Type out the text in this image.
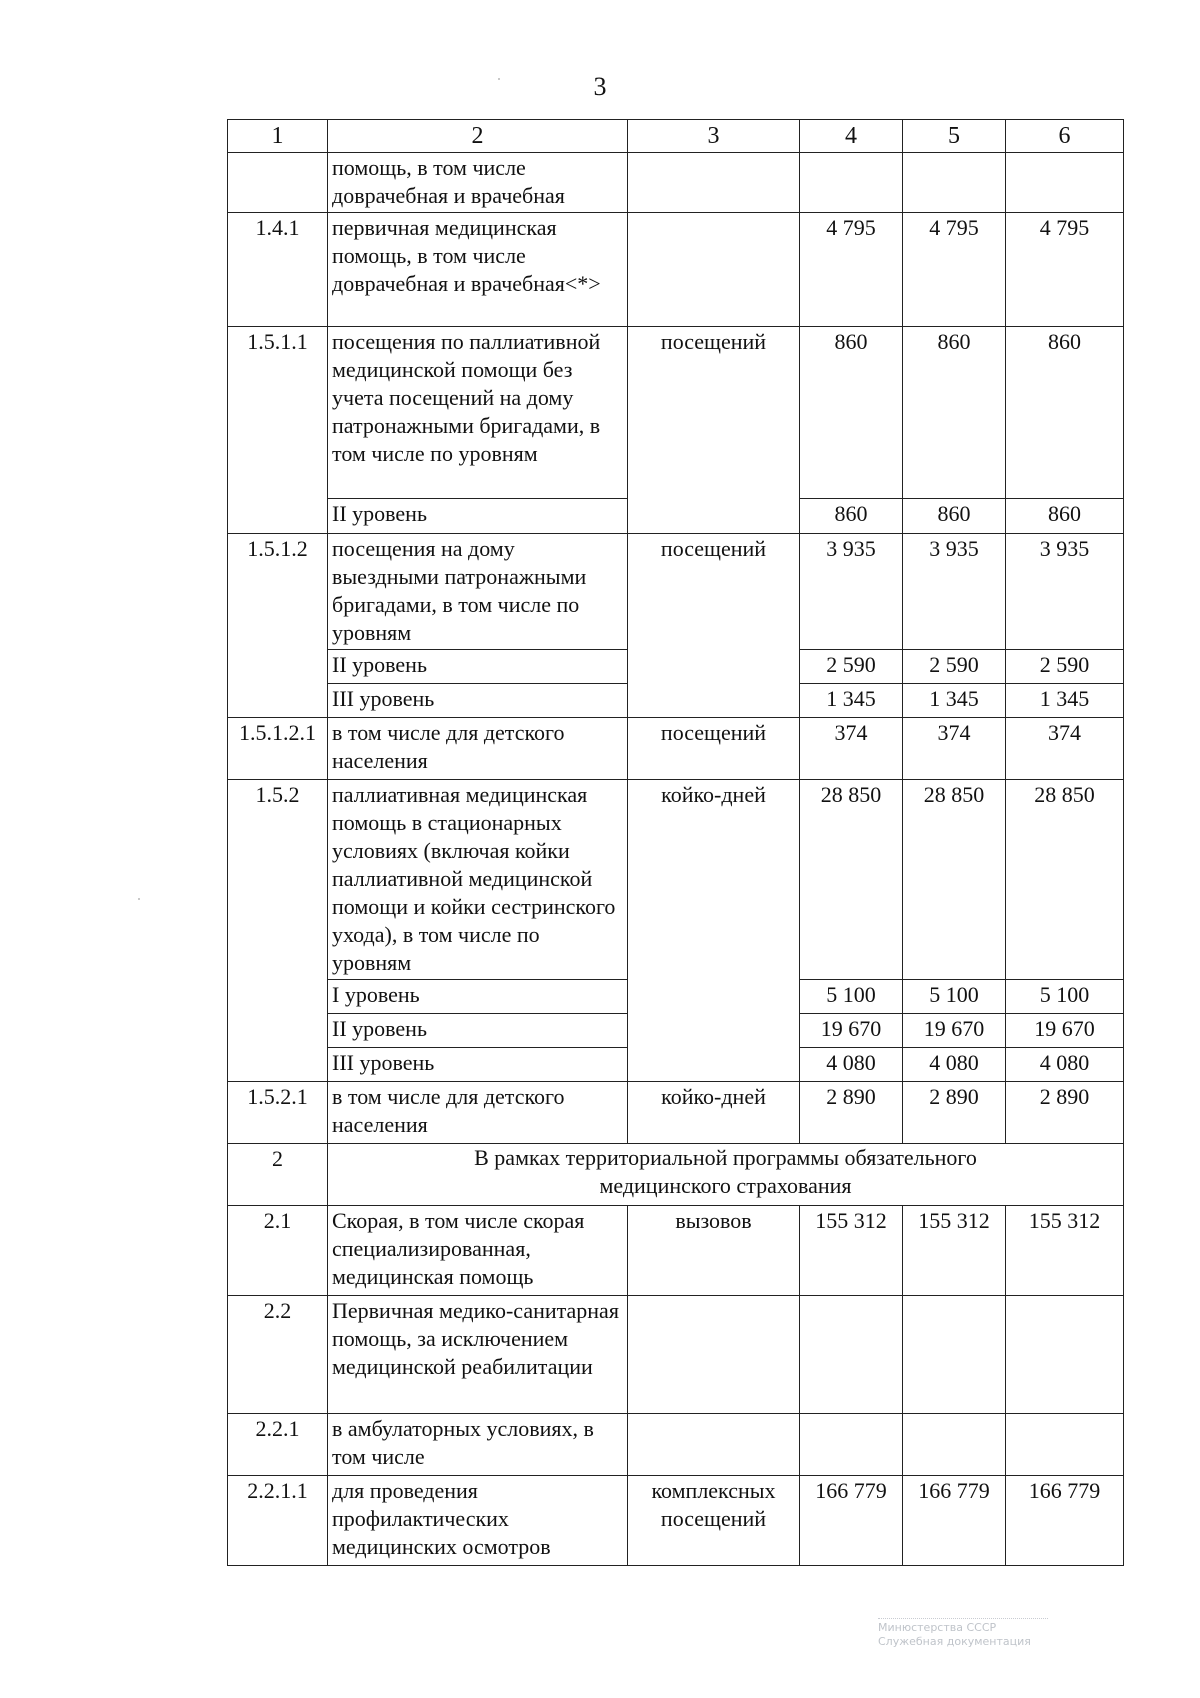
3
1	2	3	4	5	6
	помощь, в том числе доврачебная и врачебная				
1.4.1	первичная медицинская помощь, в том числе доврачебная и врачебная<*>		4 795	4 795	4 795
1.5.1.1	посещения по паллиативной медицинской помощи без учета посещений на дому патронажными бригадами, в том числе по уровням	посещений	860	860	860
	II уровень		860	860	860
1.5.1.2	посещения на дому выездными патронажными бригадами, в том числе по уровням	посещений	3 935	3 935	3 935
	II уровень		2 590	2 590	2 590
	III уровень		1 345	1 345	1 345
1.5.1.2.1	в том числе для детского населения	посещений	374	374	374
1.5.2	паллиативная медицинская помощь в стационарных условиях (включая койки паллиативной медицинской помощи и койки сестринского ухода), в том числе по уровням	койко-дней	28 850	28 850	28 850
	I уровень		5 100	5 100	5 100
	II уровень		19 670	19 670	19 670
	III уровень		4 080	4 080	4 080
1.5.2.1	в том числе для детского населения	койко-дней	2 890	2 890	2 890
2	В рамках территориальной программы обязательного медицинского страхования				
2.1	Скорая, в том числе скорая специализированная, медицинская помощь	вызовов	155 312	155 312	155 312
2.2	Первичная медико-санитарная помощь, за исключением медицинской реабилитации				
2.2.1	в амбулаторных условиях, в том числе				
2.2.1.1	для проведения профилактических медицинских осмотров	комплексных посещений	166 779	166 779	166 779
Минюстерства СССР
Служебная документация
